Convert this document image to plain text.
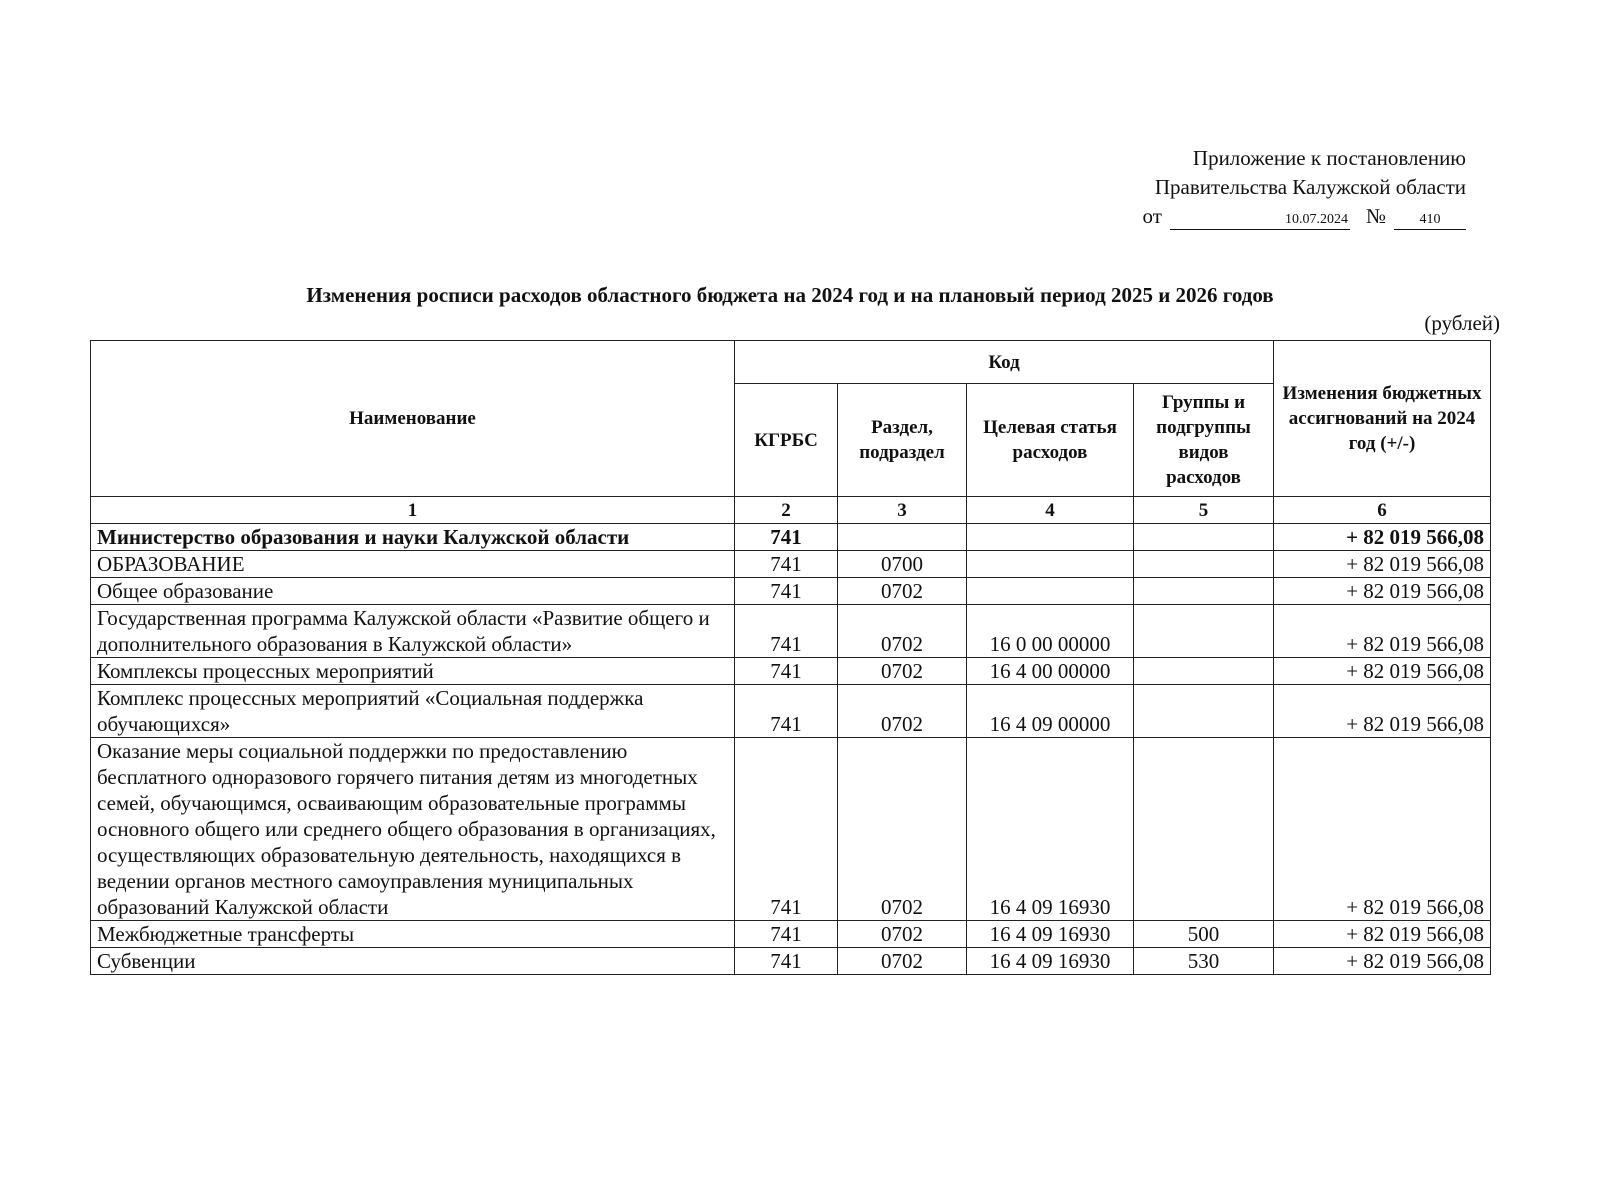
Приложение к постановлению
Правительства Калужской области
от	10.07.2024 № 410
Изменения росписи расходов областного бюджета на 2024 год и на плановый период 2025 и 2026 годов
(рублей)
Наименование	Код				Изменения бюджетных ассигнований на 2024 год (+/-)
	КГРБС	Раздел, подраздел	Целевая статья расходов	Группы и подгруппы видов расходов	
1	2	3	4	5	6
Министерство образования и науки Калужской области	741				+ 82 019 566,08
ОБРАЗОВАНИЕ	741	0700			+ 82 019 566,08
Общее образование	741	0702			+ 82 019 566,08
Государственная программа Калужской области «Развитие общего и дополнительного образования в Калужской области»	741	0702	16 0 00 00000		+ 82 019 566,08
Комплексы процессных мероприятий	741	0702	16 4 00 00000		+ 82 019 566,08
Комплекс процессных мероприятий «Социальная поддержка обучающихся»	741	0702	16 4 09 00000		+ 82 019 566,08
Оказание меры социальной поддержки по предоставлению бесплатного одноразового горячего питания детям из многодетных семей, обучающимся, осваивающим образовательные программы основного общего или среднего общего образования в организациях, осуществляющих образовательную деятельность, находящихся в ведении органов местного самоуправления муниципальных образований Калужской области	741	0702	16 4 09 16930		+ 82 019 566,08
Межбюджетные трансферты	741	0702	16 4 09 16930	500	+ 82 019 566,08
Субвенции	741	0702	16 4 09 16930	530	+ 82 019 566,08
